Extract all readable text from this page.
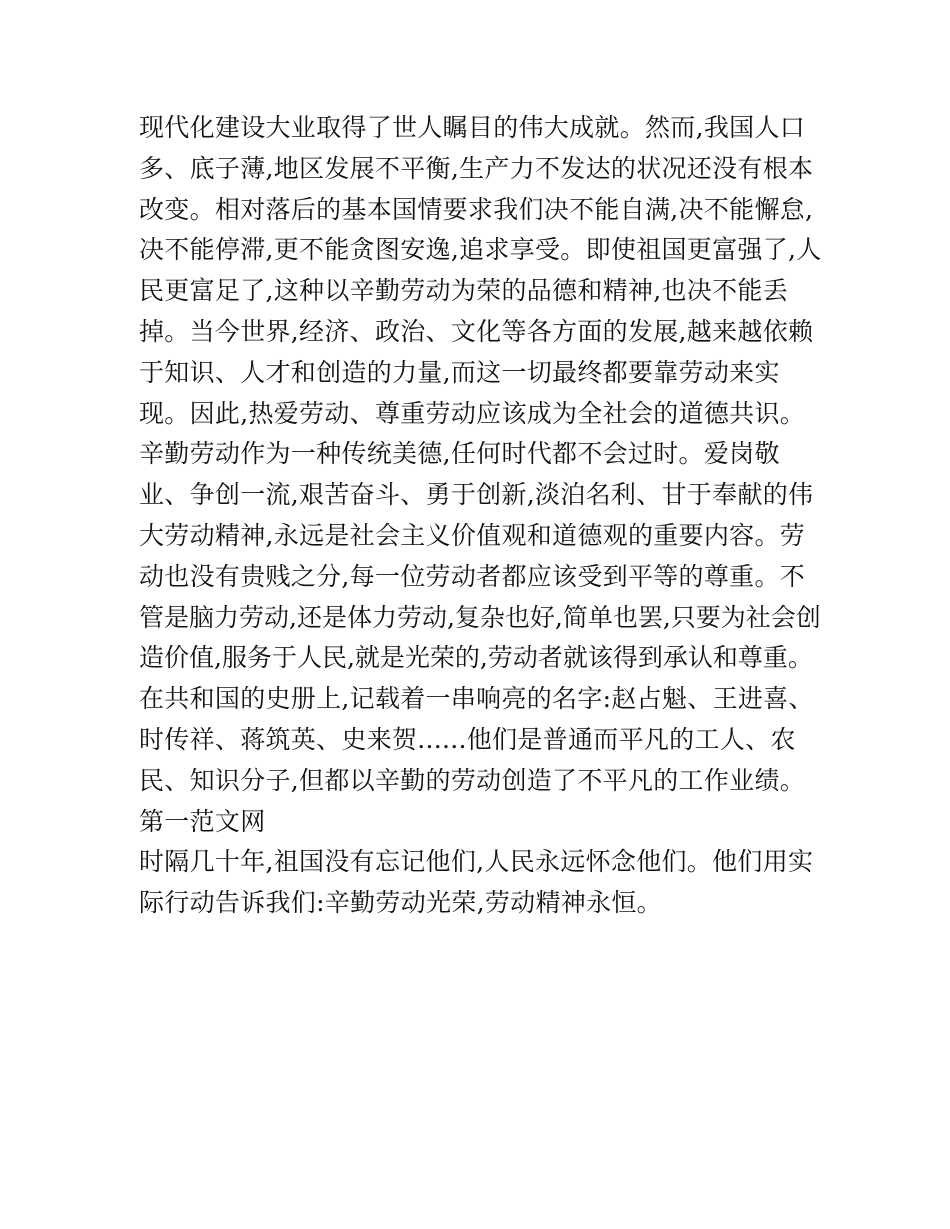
现代化建设大业取得了世人瞩目的伟大成就。然而,我国人口
多、底子薄,地区发展不平衡,生产力不发达的状况还没有根本
改变。相对落后的基本国情要求我们决不能自满,决不能懈怠,
决不能停滞,更不能贪图安逸,追求享受。即使祖国更富强了,人
民更富足了,这种以辛勤劳动为荣的品德和精神,也决不能丢
掉。当今世界,经济、政治、文化等各方面的发展,越来越依赖
于知识、人才和创造的力量,而这一切最终都要靠劳动来实
现。因此,热爱劳动、尊重劳动应该成为全社会的道德共识。
辛勤劳动作为一种传统美德,任何时代都不会过时。爱岗敬
业、争创一流,艰苦奋斗、勇于创新,淡泊名利、甘于奉献的伟
大劳动精神,永远是社会主义价值观和道德观的重要内容。劳
动也没有贵贱之分,每一位劳动者都应该受到平等的尊重。不
管是脑力劳动,还是体力劳动,复杂也好,简单也罢,只要为社会创
造价值,服务于人民,就是光荣的,劳动者就该得到承认和尊重。
在共和国的史册上,记载着一串响亮的名字:赵占魁、王进喜、
时传祥、蒋筑英、史来贺......他们是普通而平凡的工人、农
民、知识分子,但都以辛勤的劳动创造了不平凡的工作业绩。
第一范文网
时隔几十年,祖国没有忘记他们,人民永远怀念他们。他们用实
际行动告诉我们:辛勤劳动光荣,劳动精神永恒。
